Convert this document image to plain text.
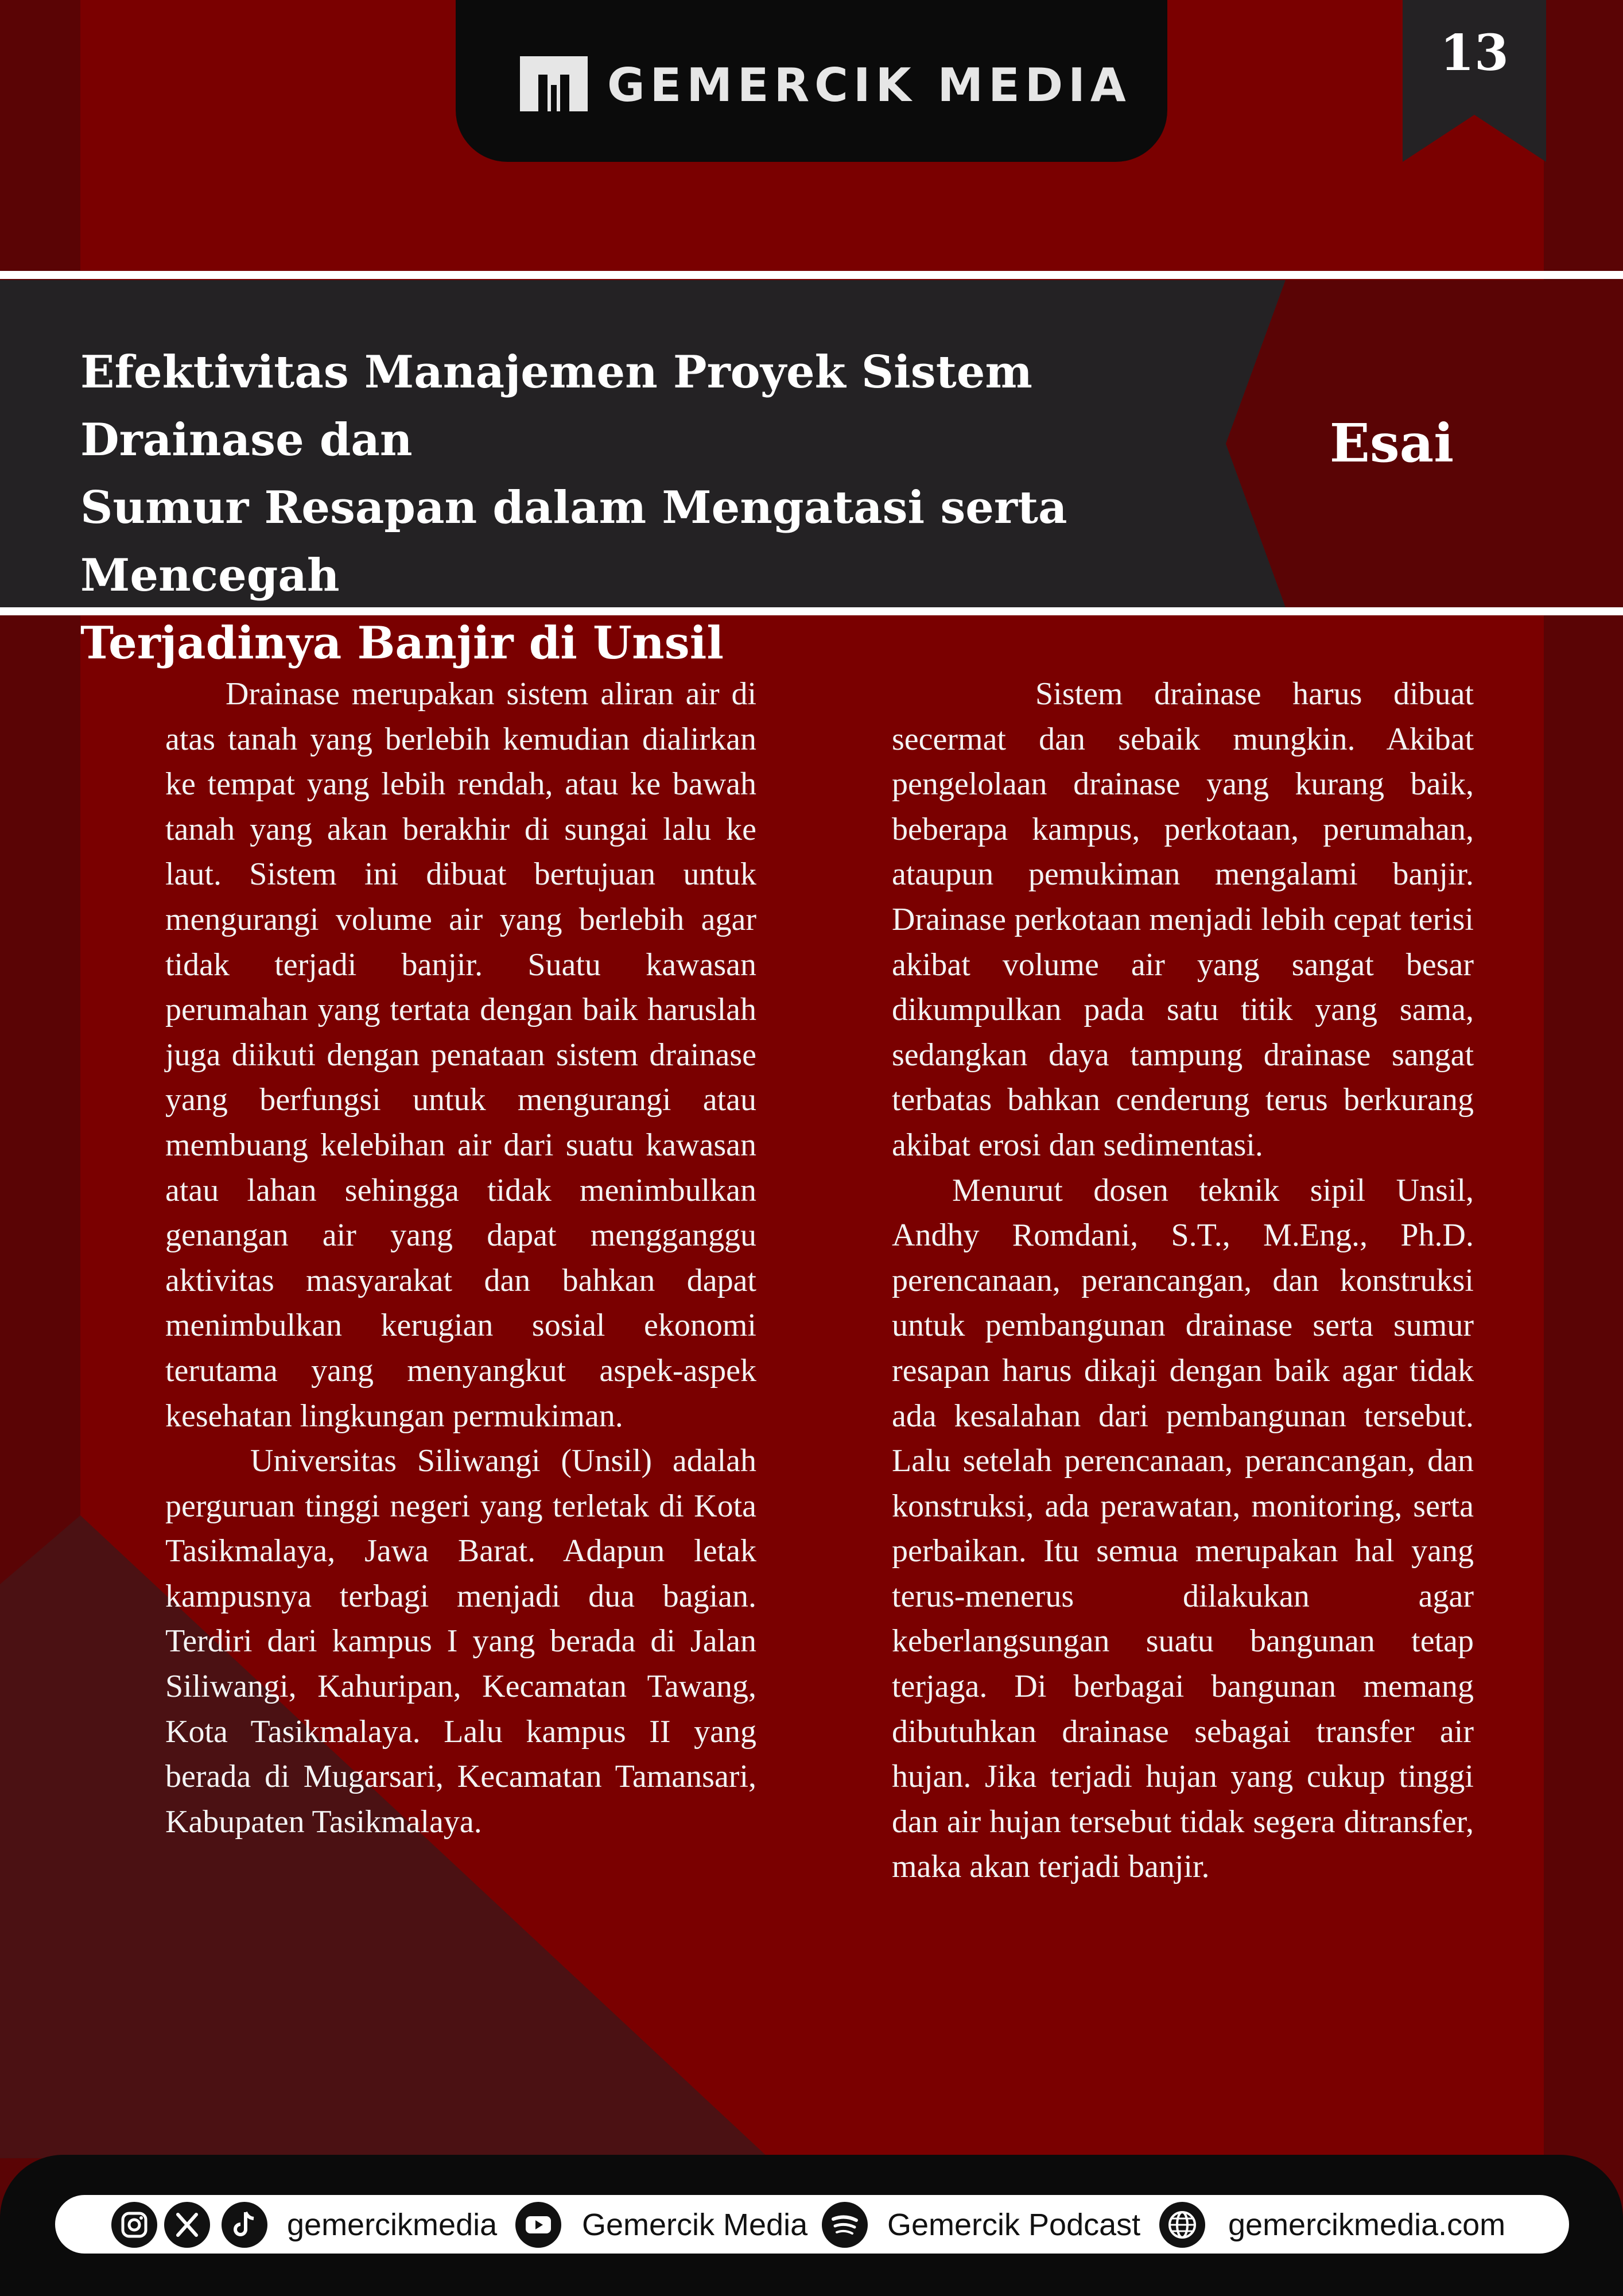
GEMERCIK MEDIA
13
Efektivitas Manajemen Proyek Sistem Drainase dan
Sumur Resapan dalam Mengatasi serta Mencegah
Terjadinya Banjir di Unsil
Esai

Drainase merupakan sistem aliran air di atas tanah yang berlebih kemudian dialirkan ke tempat yang lebih rendah, atau ke bawah tanah yang akan berakhir di sungai lalu ke laut. Sistem ini dibuat bertujuan untuk mengurangi volume air yang berlebih agar tidak terjadi banjir. Suatu kawasan perumahan yang tertata dengan baik haruslah juga diikuti dengan penataan sistem drainase yang berfungsi untuk mengurangi atau membuang kelebihan air dari suatu kawasan atau lahan sehingga tidak menimbulkan genangan air yang dapat mengganggu aktivitas masyarakat dan bahkan dapat menimbulkan kerugian sosial ekonomi terutama yang menyangkut aspek-aspek kesehatan lingkungan permukiman.

Universitas Siliwangi (Unsil) adalah perguruan tinggi negeri yang terletak di Kota Tasikmalaya, Jawa Barat. Adapun letak kampusnya terbagi menjadi dua bagian. Terdiri dari kampus I yang berada di Jalan Siliwangi, Kahuripan, Kecamatan Tawang, Kota Tasikmalaya. Lalu kampus II yang berada di Mugarsari, Kecamatan Tamansari, Kabupaten Tasikmalaya.

Sistem drainase harus dibuat secermat dan sebaik mungkin. Akibat pengelolaan drainase yang kurang baik, beberapa kampus, perkotaan, perumahan, ataupun pemukiman mengalami banjir. Drainase perkotaan menjadi lebih cepat terisi akibat volume air yang sangat besar dikumpulkan pada satu titik yang sama, sedangkan daya tampung drainase sangat terbatas bahkan cenderung terus berkurang akibat erosi dan sedimentasi.

Menurut dosen teknik sipil Unsil, Andhy Romdani, S.T., M.Eng., Ph.D. perencanaan, perancangan, dan konstruksi untuk pembangunan drainase serta sumur resapan harus dikaji dengan baik agar tidak ada kesalahan dari pembangunan tersebut. Lalu setelah perencanaan, perancangan, dan konstruksi, ada perawatan, monitoring, serta perbaikan. Itu semua merupakan hal yang terus-menerus dilakukan agar keberlangsungan suatu bangunan tetap terjaga. Di berbagai bangunan memang dibutuhkan drainase sebagai transfer air hujan. Jika terjadi hujan yang cukup tinggi dan air hujan tersebut tidak segera ditransfer, maka akan terjadi banjir.

gemercikmedia	Gemercik Media	Gemercik Podcast	gemercikmedia.com
